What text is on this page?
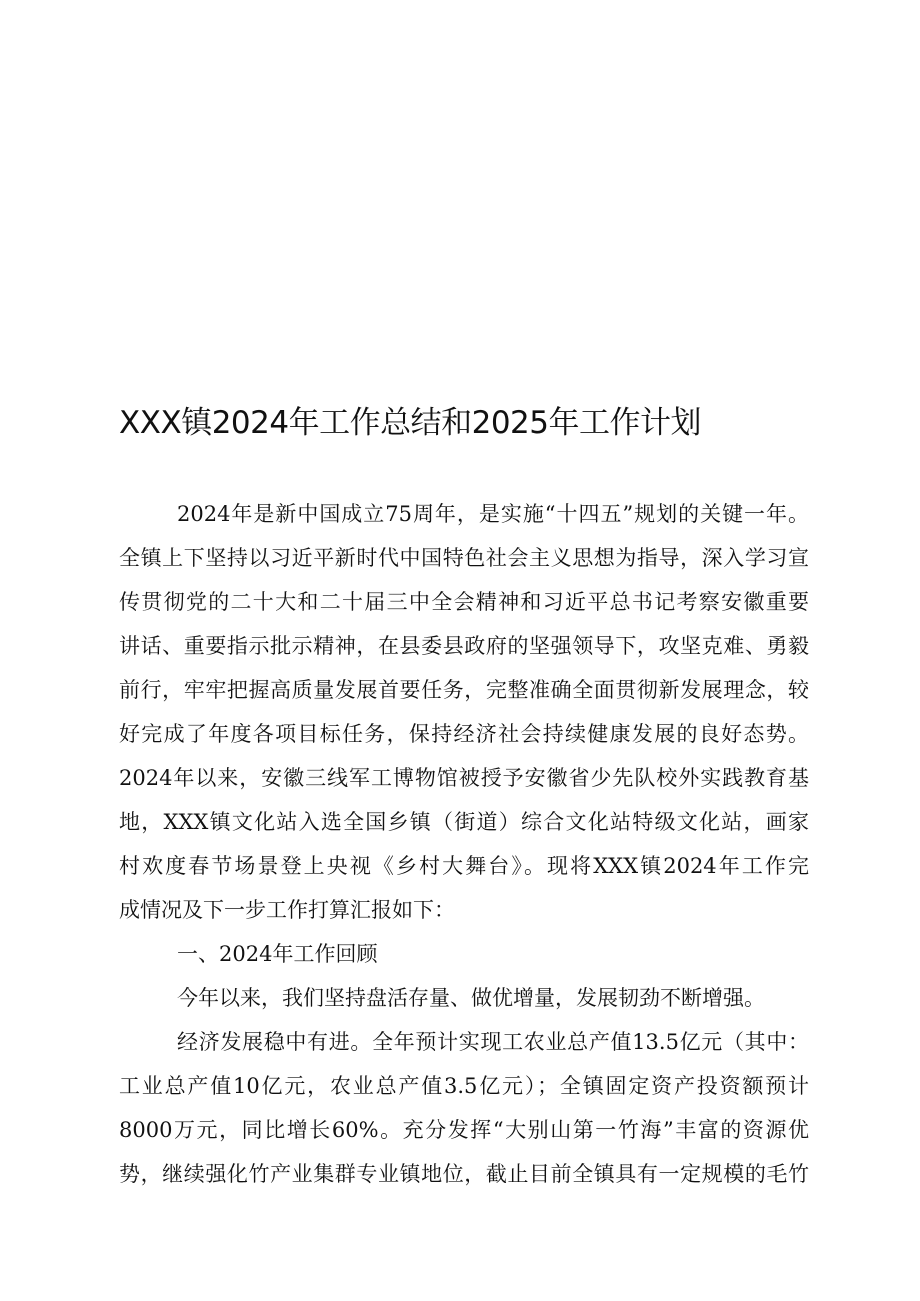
XXX镇2024年工作总结和2025年工作计划
2024年是新中国成立75周年，是实施“十四五”规划的关键一年。
全镇上下坚持以习近平新时代中国特色社会主义思想为指导，深入学习宣
传贯彻党的二十大和二十届三中全会精神和习近平总书记考察安徽重要
讲话、重要指示批示精神，在县委县政府的坚强领导下，攻坚克难、勇毅
前行，牢牢把握高质量发展首要任务，完整准确全面贯彻新发展理念，较
好完成了年度各项目标任务，保持经济社会持续健康发展的良好态势。
2024年以来，安徽三线军工博物馆被授予安徽省少先队校外实践教育基
地，XXX镇文化站入选全国乡镇（街道）综合文化站特级文化站，画家
村欢度春节场景登上央视《乡村大舞台》。现将XXX镇2024年工作完
成情况及下一步工作打算汇报如下：
一、2024年工作回顾
今年以来，我们坚持盘活存量、做优增量，发展韧劲不断增强。
经济发展稳中有进。全年预计实现工农业总产值13.5亿元（其中：
工业总产值10亿元，农业总产值3.5亿元）；全镇固定资产投资额预计
8000万元，同比增长60%。充分发挥“大别山第一竹海”丰富的资源优
势，继续强化竹产业集群专业镇地位，截止目前全镇具有一定规模的毛竹
